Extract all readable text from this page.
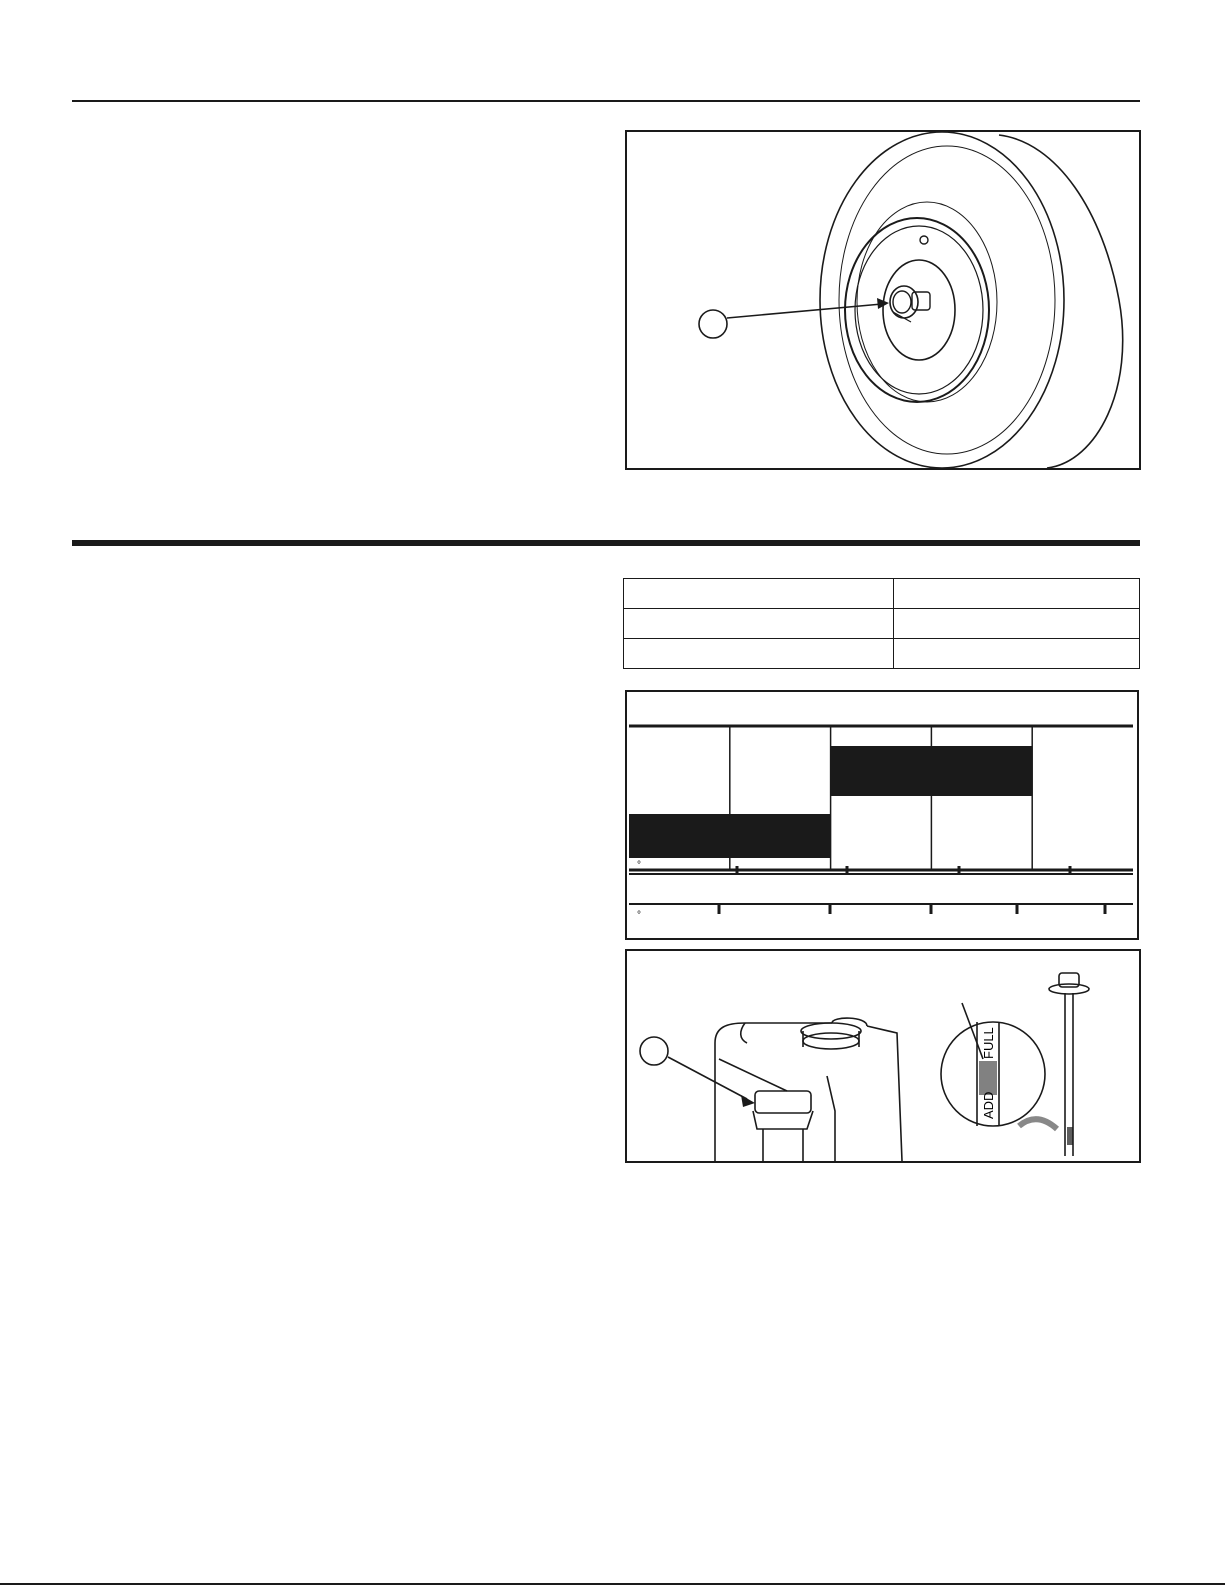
°
°
FULL
ADD
